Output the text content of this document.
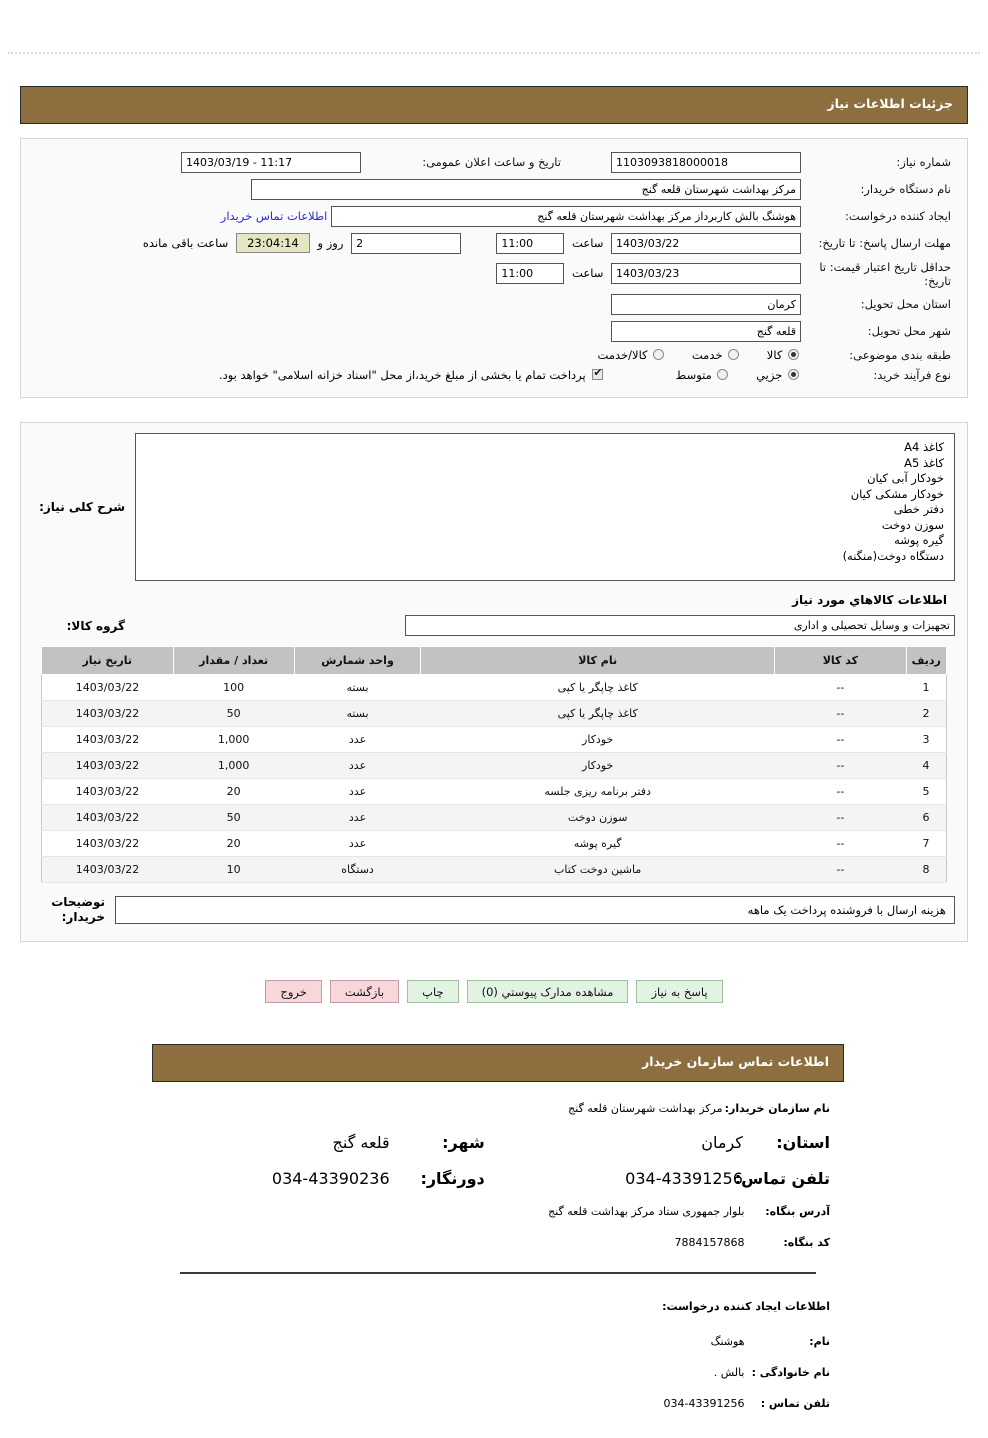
جزئیات اطلاعات نیاز
شماره نیاز:	1103093818000018	تاریخ و ساعت اعلان عمومی:	1403/03/19 - 11:17
نام دستگاه خریدار:	مرکز بهداشت شهرستان قلعه گنج		
ایجاد کننده درخواست:	هوشنگ بالش کاربرداز مرکز بهداشت شهرستان قلعه گنج اطلاعات تماس خریدار		
مهلت ارسال پاسخ: تا تاریخ:	1403/03/22 ساعت 11:00  2 روز و 23:04:14 ساعت باقی مانده		
حداقل تاریخ اعتبار قیمت: تا تاریخ:	1403/03/23 ساعت 11:00		
استان محل تحویل:	کرمان		
شهر محل تحویل:	قلعه گنج		
طبقه بندی موضوعی:	کالا  خدمت  کالا/خدمت		
نوع فرآیند خرید:	جزيي  متوسط  ✔ پرداخت تمام یا بخشی از مبلغ خرید،از محل "اسناد خزانه اسلامی" خواهد بود.
کاغذ A4
کاغذ A5
خودکار آبی کیان
خودکار مشکی کیان
دفتر خطی
سوزن دوخت
گیره پوشه
دستگاه دوخت(منگنه)
شرح کلی نیاز:
اطلاعات کالاهاي مورد نياز
تجهیزات و وسایل تحصیلی و اداری
گروه کالا:
ردیف	کد کالا	نام کالا	واحد شمارش	تعداد / مقدار	تاریخ نیاز
1	--	کاغذ چاپگر یا کپی	بسته	100	1403/03/22
2	--	کاغذ چاپگر یا کپی	بسته	50	1403/03/22
3	--	خودکار	عدد	1,000	1403/03/22
4	--	خودکار	عدد	1,000	1403/03/22
5	--	دفتر برنامه ریزی جلسه	عدد	20	1403/03/22
6	--	سوزن دوخت	عدد	50	1403/03/22
7	--	گیره پوشه	عدد	20	1403/03/22
8	--	ماشین دوخت کتاب	دستگاه	10	1403/03/22
هزینه ارسال با فروشنده پرداخت یک ماهه
توضیحات خریدار:
پاسخ به نیاز
مشاهده مدارک پیوستي (0)
چاپ
بازگشت
خروج
اطلاعات تماس سازمان خریدار
نام سازمان خریدار: مرکز بهداشت شهرستان قلعه گنج
استان: کرمان
شهر: قلعه گنج
تلفن تماس: 034-43391256
دورنگار: 034-43390236
آدرس بنگاه: بلوار جمهوری ستاد مرکز بهداشت قلعه گنج
کد بنگاه: 7884157868
اطلاعات ایجاد کننده درخواست:
نام: هوشنگ
نام خانوادگی : بالش .
تلفن تماس : 034-43391256
